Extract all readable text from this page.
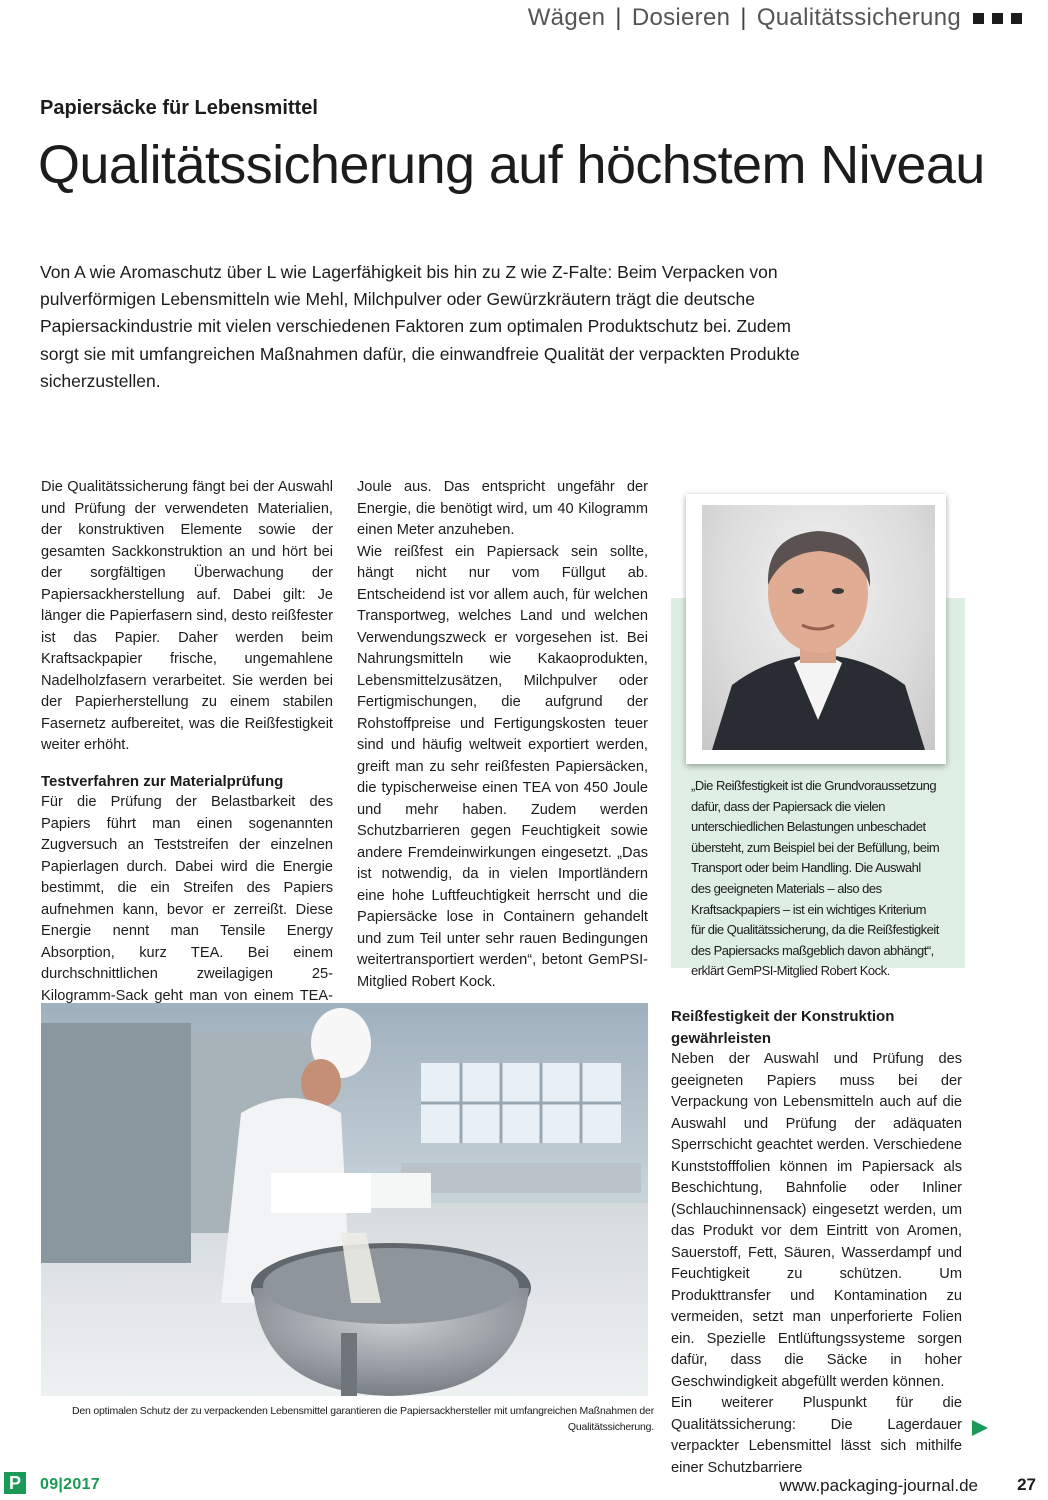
Wägen | Dosieren | Qualitätssicherung
Papiersäcke für Lebensmittel
Qualitätssicherung auf höchstem Niveau
Von A wie Aromaschutz über L wie Lagerfähigkeit bis hin zu Z wie Z-Falte: Beim Verpacken von pulverförmigen Lebensmitteln wie Mehl, Milchpulver oder Gewürzkräutern trägt die deutsche Papiersackindustrie mit vielen verschiedenen Faktoren zum optimalen Produktschutz bei. Zudem sorgt sie mit umfangreichen Maßnahmen dafür, die einwandfreie Qualität der verpackten Produkte sicherzustellen.

Die Qualitätssicherung fängt bei der Auswahl und Prüfung der verwendeten Materialien, der konstruktiven Elemente sowie der gesamten Sackkonstruktion an und hört bei der sorgfältigen Überwachung der Papiersackherstellung auf. Dabei gilt: Je länger die Papierfasern sind, desto reißfester ist das Papier. Daher werden beim Kraftsackpapier frische, ungemahlene Nadelholzfasern verarbeitet. Sie werden bei der Papierherstellung zu einem stabilen Fasernetz aufbereitet, was die Reißfestigkeit weiter erhöht.

Testverfahren zur Materialprüfung

Für die Prüfung der Belastbarkeit des Papiers führt man einen sogenannten Zugversuch an Teststreifen der einzelnen Papierlagen durch. Dabei wird die Energie bestimmt, die ein Streifen des Papiers aufnehmen kann, bevor er zerreißt. Diese Energie nennt man Tensile Energy Absorption, kurz TEA. Bei einem durchschnittlichen zweilagigen 25-Kilogramm-Sack geht man von einem TEA-

Joule aus. Das entspricht ungefähr der Energie, die benötigt wird, um 40 Kilogramm einen Meter anzuheben.

Wie reißfest ein Papiersack sein sollte, hängt nicht nur vom Füllgut ab. Entscheidend ist vor allem auch, für welchen Transportweg, welches Land und welchen Verwendungszweck er vorgesehen ist. Bei Nahrungsmitteln wie Kakaoprodukten, Lebensmittelzusätzen, Milchpulver oder Fertigmischungen, die aufgrund der Rohstoffpreise und Fertigungskosten teuer sind und häufig weltweit exportiert werden, greift man zu sehr reißfesten Papiersäcken, die typischerweise einen TEA von 450 Joule und mehr haben. Zudem werden Schutzbarrieren gegen Feuchtigkeit sowie andere Fremdeinwirkungen eingesetzt. „Das ist notwendig, da in vielen Importländern eine hohe Luftfeuchtigkeit herrscht und die Papiersäcke lose in Containern gehandelt und zum Teil unter sehr rauen Bedingungen weitertransportiert werden“, betont GemPSI-Mitglied Robert Kock.

„Die Reißfestigkeit ist die Grundvoraussetzung dafür, dass der Papiersack die vielen unterschiedlichen Belastungen unbeschadet übersteht, zum Beispiel bei der Befüllung, beim Transport oder beim Handling. Die Auswahl des geeigneten Materials – also des Kraftsackpapiers – ist ein wichtiges Kriterium für die Qualitätssicherung, da die Reißfestigkeit des Papiersacks maßgeblich davon abhängt“, erklärt GemPSI-Mitglied Robert Kock.
Reißfestigkeit der Konstruktion gewährleisten

Neben der Auswahl und Prüfung des geeigneten Papiers muss bei der Verpackung von Lebensmitteln auch auf die Auswahl und Prüfung der adäquaten Sperrschicht geachtet werden. Verschiedene Kunststofffolien können im Papiersack als Beschichtung, Bahnfolie oder Inliner (Schlauchinnensack) eingesetzt werden, um das Produkt vor dem Eintritt von Aromen, Sauerstoff, Fett, Säuren, Wasserdampf und Feuchtigkeit zu schützen. Um Produkttransfer und Kontamination zu vermeiden, setzt man unperforierte Folien ein. Spezielle Entlüftungssysteme sorgen dafür, dass die Säcke in hoher Geschwindigkeit abgefüllt werden können.

Ein weiterer Pluspunkt für die Qualitätssicherung: Die Lagerdauer verpackter Lebensmittel lässt sich mithilfe einer Schutzbarriere

Den optimalen Schutz der zu verpackenden Lebensmittel garantieren die Papiersackhersteller mit umfangreichen Maßnahmen der Qualitätssicherung.
P	09|2017	www.packaging-journal.de 27
